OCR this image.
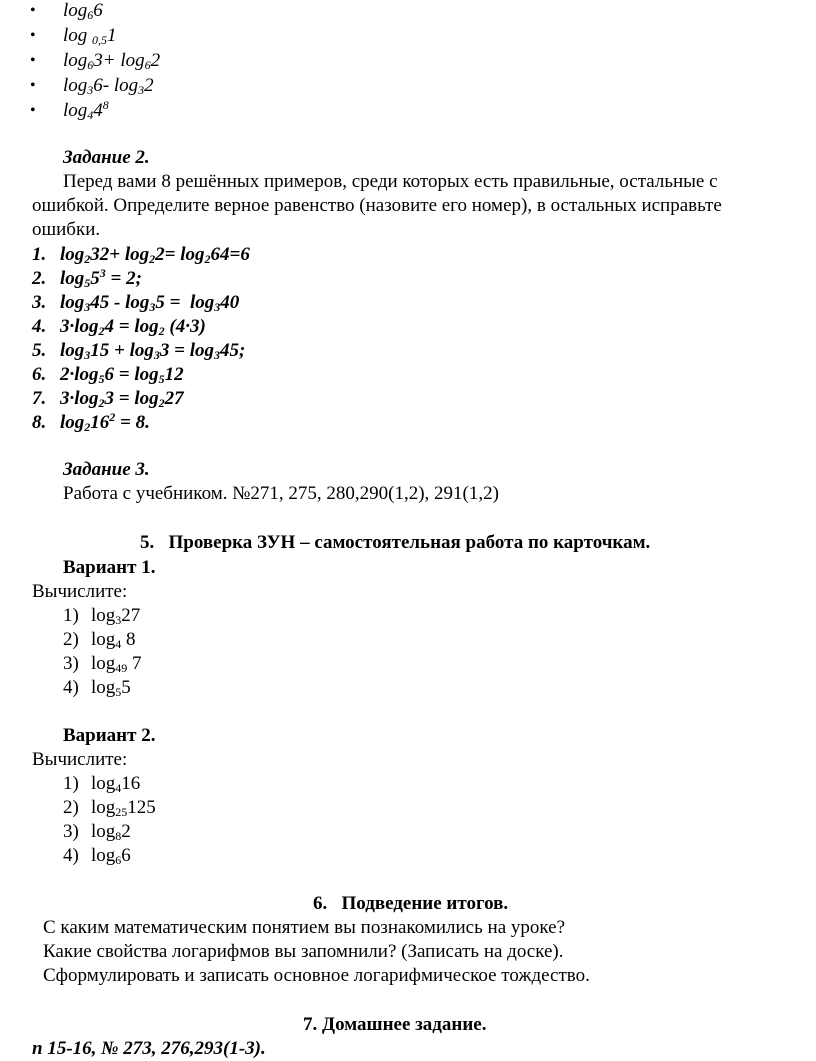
• $\log_66$
• log $_{0,5}$1
• $\log_63+ \log_62$
• $\log_36-$ $\log_32$
• $\log_44^8$
Задание 2.
Перед вами 8 решённых примеров, среди которых есть правильные, остальные с
ошибкой. Определите верное равенство (назовите его номер), в остальных исправьте
ошибки.
1. $\log_232+ \log_22= \log_264=6$
2. $\log_55^3 = 2$;
3. $\log_345 - \log_35 = \log_340$
4. $3\cdot\log_24 = \log_2 (4\cdot 3)$
5. $\log_315 + \log_33 = \log_345$;
6. $2\cdot\log_56 = \log_512$
7. $3\cdot\log_23 = \log_227$
8. $\log_216^2 = 8$.
Задание 3.
Работа с учебником. №271, 275, 280,290(1,2), 291(1,2)
5.   Проверка ЗУН – самостоятельная работа по карточкам.
Вариант 1.
Вычислите:
1) $\log_327$
2) $\log_4 8$
3) $\log_{49} 7$
4) $\log_55$
Вариант 2.
Вычислите:
1) $\log_416$
2) $\log_{25}125$
3) $\log_82$
4) $\log_66$
6.   Подведение итогов.
С каким математическим понятием вы познакомились на уроке?
Какие свойства логарифмов вы запомнили? (Записать на доске).
Сформулировать и записать основное логарифмическое тождество.
7. Домашнее задание.
п 15-16, № 273, 276,293(1-3).
